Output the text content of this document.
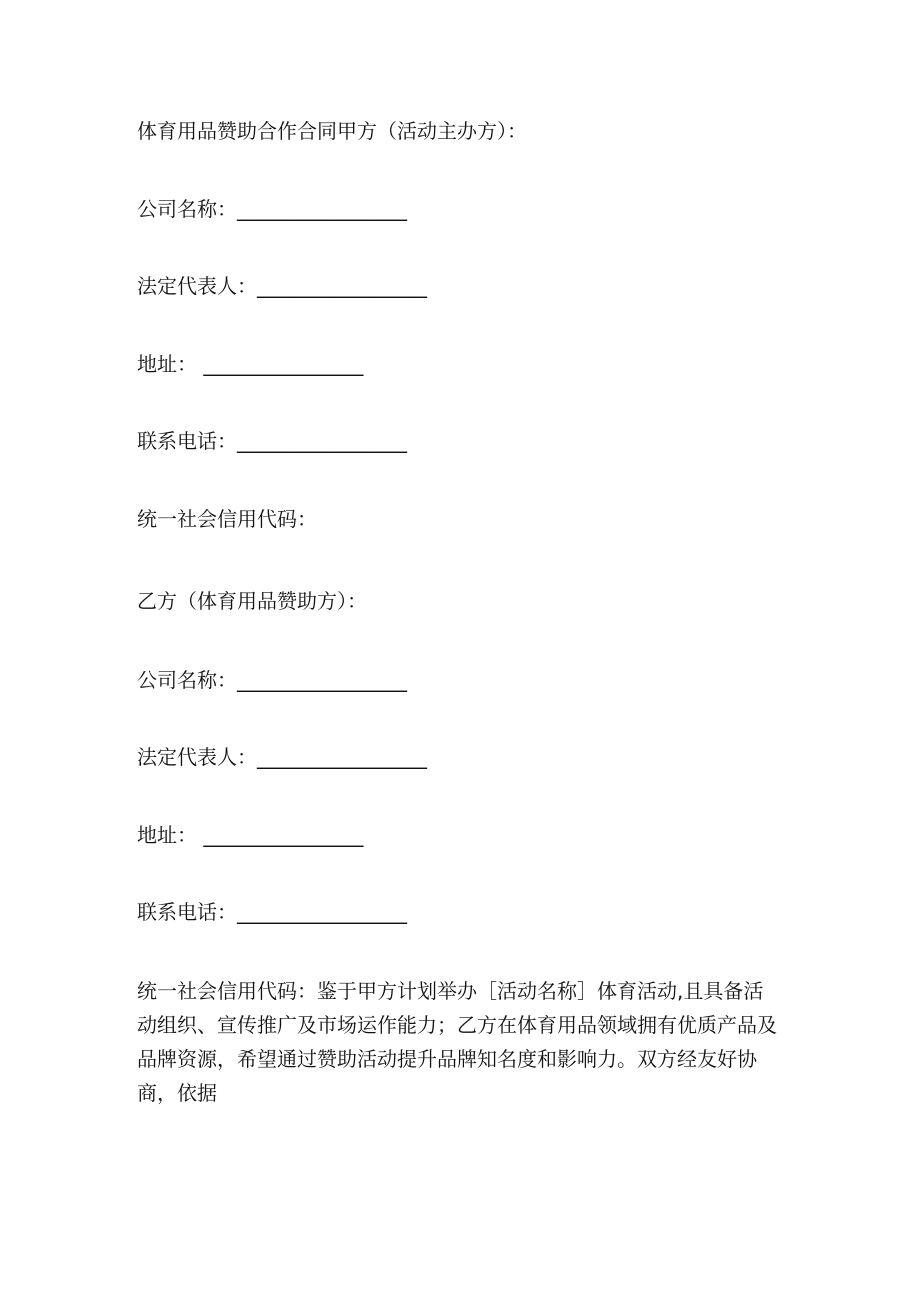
体育用品赞助合作合同甲方（活动主办方）：
公司名称：_________________
法定代表人：_________________
地址： ________________
联系电话：_________________
统一社会信用代码：
乙方（体育用品赞助方）：
公司名称：_________________
法定代表人：_________________
地址： ________________
联系电话：_________________
统一社会信用代码：鉴于甲方计划举办［活动名称］体育活动,且具备活动组织、宣传推广及市场运作能力；乙方在体育用品领域拥有优质产品及品牌资源，希望通过赞助活动提升品牌知名度和影响力。双方经友好协商，依据
